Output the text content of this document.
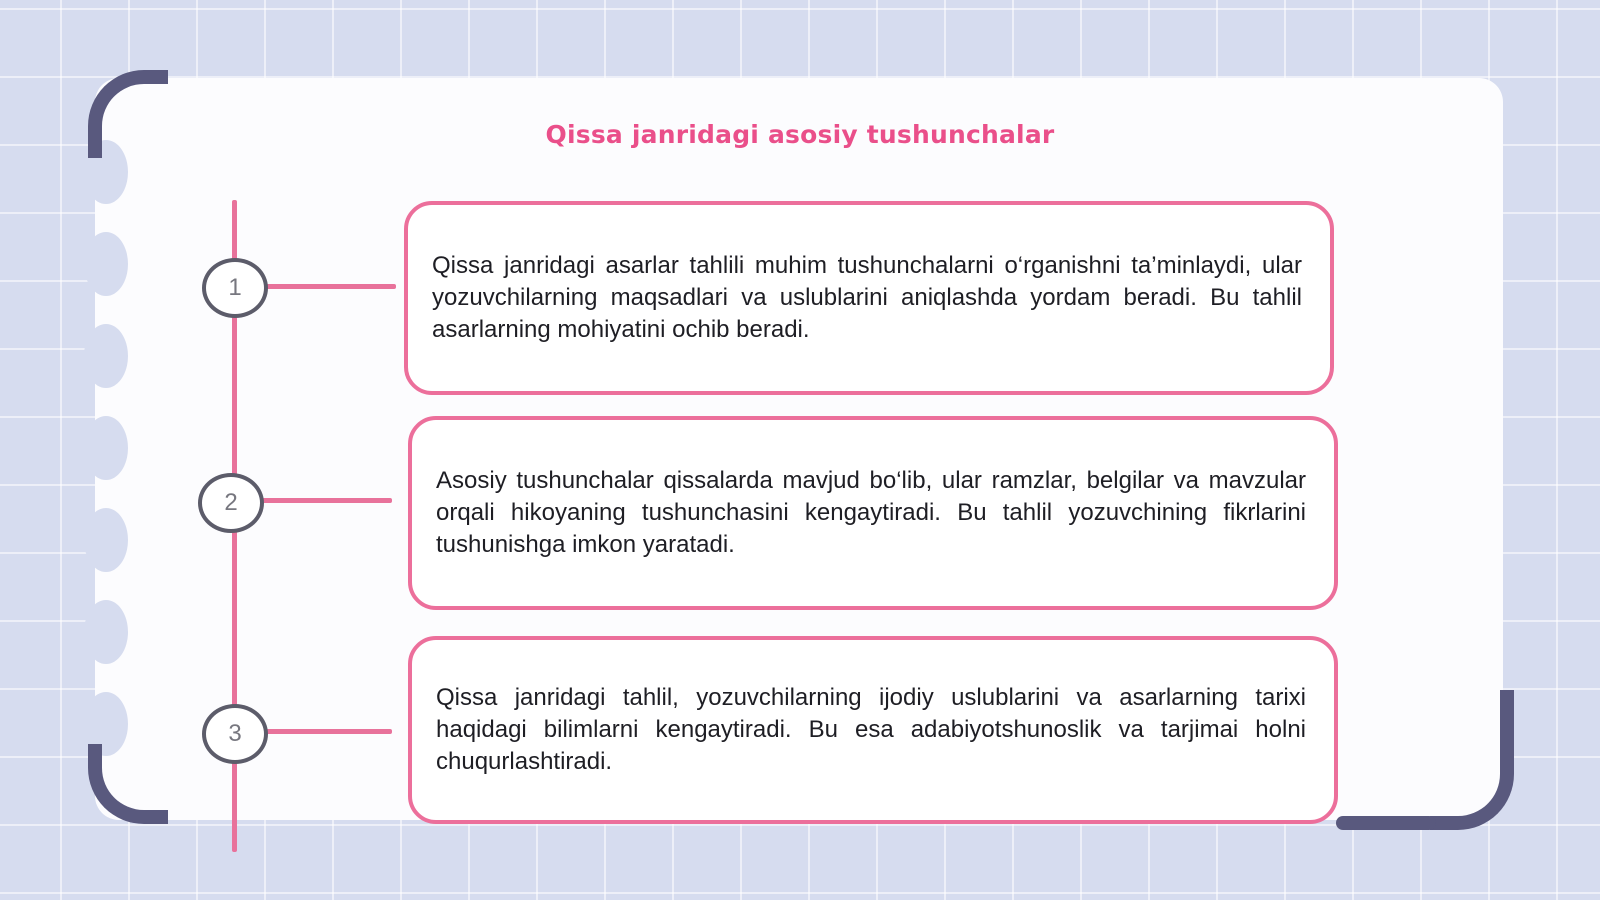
Qissa janridagi asosiy tushunchalar
1
2
3

Qissa janridagi asarlar tahlili muhim tushunchalarni o‘rganishni ta’minlaydi, ular yozuvchilarning maqsadlari va uslublarini aniqlashda yordam beradi. Bu tahlil asarlarning mohiyatini ochib beradi.

Asosiy tushunchalar qissalarda mavjud bo‘lib, ular ramzlar, belgilar va mavzular orqali hikoyaning tushunchasini kengaytiradi. Bu tahlil yozuvchining fikrlarini tushunishga imkon yaratadi.

Qissa janridagi tahlil, yozuvchilarning ijodiy uslublarini va asarlarning tarixi haqidagi bilimlarni kengaytiradi. Bu esa adabiyotshunoslik va tarjimai holni chuqurlashtiradi.
